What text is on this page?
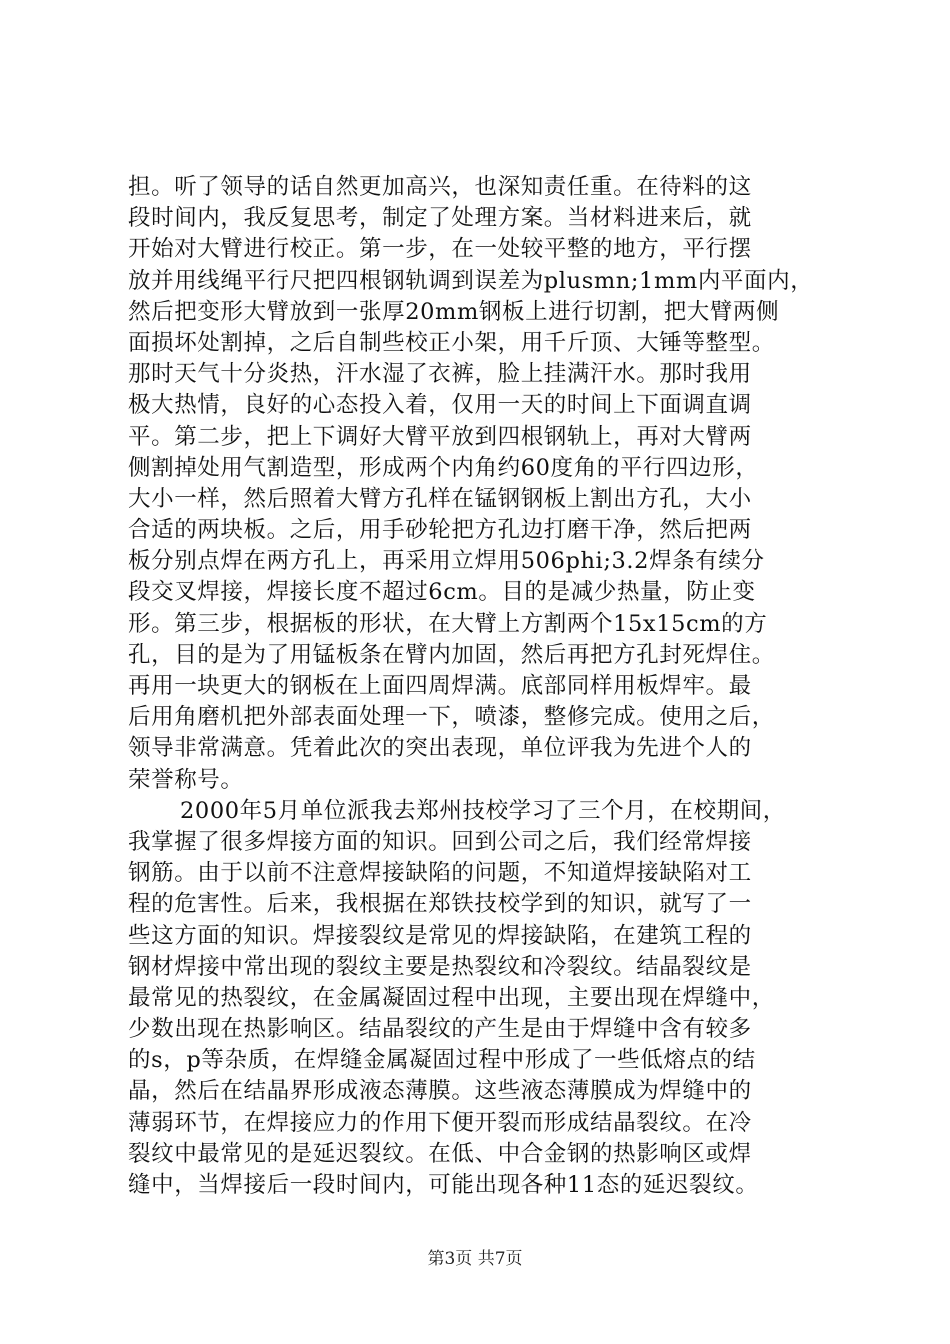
担。听了领导的话自然更加高兴，也深知责任重。在待料的这
段时间内，我反复思考，制定了处理方案。当材料进来后，就
开始对大臂进行校正。第一步，在一处较平整的地方，平行摆
放并用线绳平行尺把四根钢轨调到误差为plusmn;1mm内平面内，
然后把变形大臂放到一张厚20mm钢板上进行切割，把大臂两侧
面损坏处割掉，之后自制些校正小架，用千斤顶、大锤等整型。
那时天气十分炎热，汗水湿了衣裤，脸上挂满汗水。那时我用
极大热情，良好的心态投入着，仅用一天的时间上下面调直调
平。第二步，把上下调好大臂平放到四根钢轨上，再对大臂两
侧割掉处用气割造型，形成两个内角约60度角的平行四边形，
大小一样，然后照着大臂方孔样在锰钢钢板上割出方孔，大小
合适的两块板。之后，用手砂轮把方孔边打磨干净，然后把两
板分别点焊在两方孔上，再采用立焊用506phi;3.2焊条有续分
段交叉焊接，焊接长度不超过6cm。目的是减少热量，防止变
形。第三步，根据板的形状，在大臂上方割两个15x15cm的方
孔，目的是为了用锰板条在臂内加固，然后再把方孔封死焊住。
再用一块更大的钢板在上面四周焊满。底部同样用板焊牢。最
后用角磨机把外部表面处理一下，喷漆，整修完成。使用之后，
领导非常满意。凭着此次的突出表现，单位评我为先进个人的
荣誉称号。
2000年5月单位派我去郑州技校学习了三个月，在校期间，
我掌握了很多焊接方面的知识。回到公司之后，我们经常焊接
钢筋。由于以前不注意焊接缺陷的问题，不知道焊接缺陷对工
程的危害性。后来，我根据在郑铁技校学到的知识，就写了一
些这方面的知识。焊接裂纹是常见的焊接缺陷，在建筑工程的
钢材焊接中常出现的裂纹主要是热裂纹和冷裂纹。结晶裂纹是
最常见的热裂纹，在金属凝固过程中出现，主要出现在焊缝中，
少数出现在热影响区。结晶裂纹的产生是由于焊缝中含有较多
的s，p等杂质，在焊缝金属凝固过程中形成了一些低熔点的结
晶，然后在结晶界形成液态薄膜。这些液态薄膜成为焊缝中的
薄弱环节，在焊接应力的作用下便开裂而形成结晶裂纹。在冷
裂纹中最常见的是延迟裂纹。在低、中合金钢的热影响区或焊
缝中，当焊接后一段时间内，可能出现各种11态的延迟裂纹。
第3页 共7页
